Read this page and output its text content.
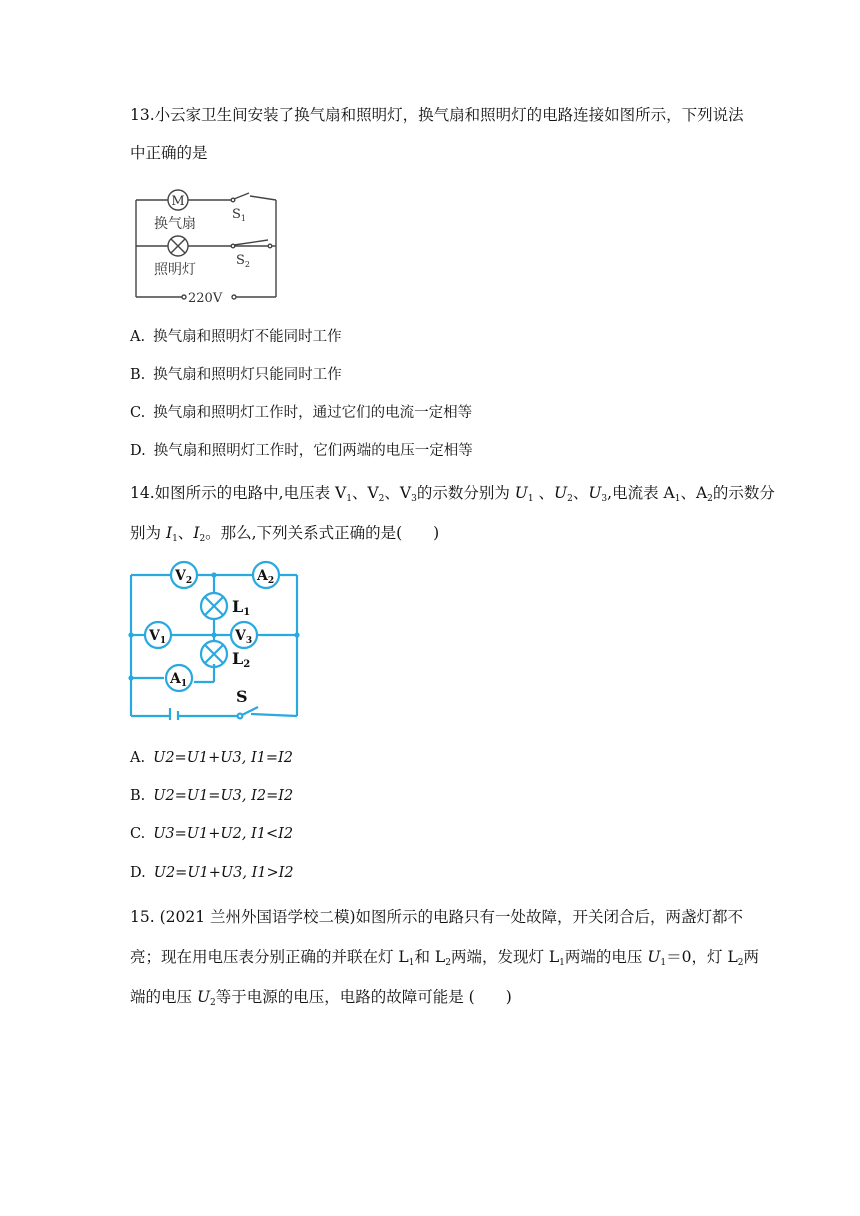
13.小云家卫生间安装了换气扇和照明灯，换气扇和照明灯的电路连接如图所示，下列说法
中正确的是
M
换气扇
照明灯
$S_1$
$S_2$
220V
A. 换气扇和照明灯不能同时工作
B. 换气扇和照明灯只能同时工作
C. 换气扇和照明灯工作时，通过它们的电流一定相等
D. 换气扇和照明灯工作时，它们两端的电压一定相等
14.如图所示的电路中,电压表 $V_1$、$V_2$、$V_3$的示数分别为 $U_1$ 、$U_2$、$U_3$,电流表 $A_1$、$A_2$的示数分
别为 $I_1$、$I_2$。那么,下列关系式正确的是(　　)
$V_2$	$A_2$
$V_1$	$V_3$
$A_1$
L1
L2
S
A. U2=U1+U3, I1=I2
B. U2=U1=U3, I2=I2
C. U3=U1+U2, I1<I2
D. U2=U1+U3, I1>I2
15. (2021 兰州外国语学校二模)如图所示的电路只有一处故障，开关闭合后，两盏灯都不
亮；现在用电压表分别正确的并联在灯 $L_1$和 $L_2$两端，发现灯 $L_1$两端的电压 $U_1=0$，灯 $L_2$两
端的电压 $U_2$等于电源的电压，电路的故障可能是 (　　)
